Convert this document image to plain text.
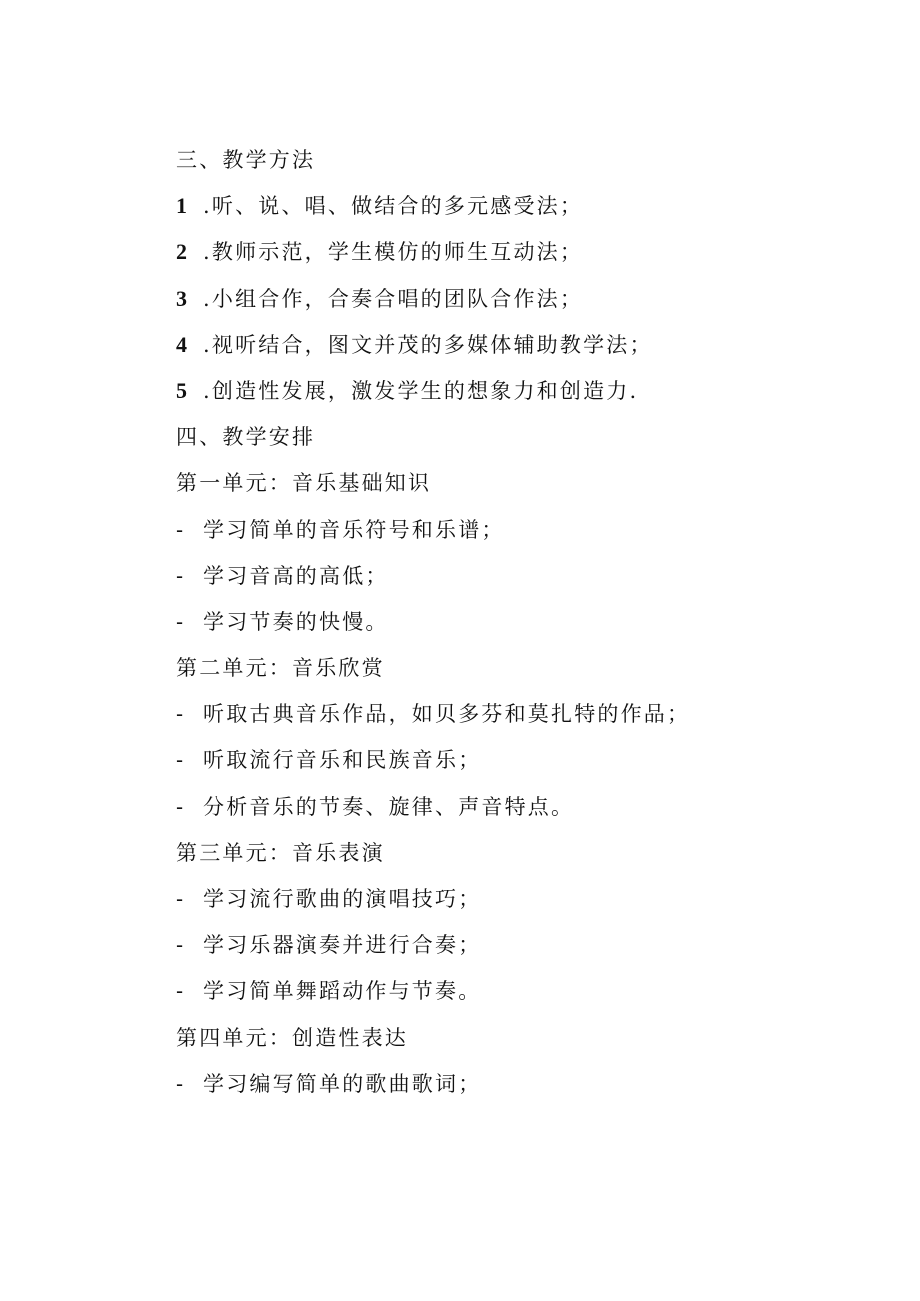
三、教学方法
1 .听、说、唱、做结合的多元感受法；
2 .教师示范，学生模仿的师生互动法；
3 .小组合作，合奏合唱的团队合作法；
4 .视听结合，图文并茂的多媒体辅助教学法；
5 .创造性发展，激发学生的想象力和创造力.
四、教学安排
第一单元：音乐基础知识
- 学习简单的音乐符号和乐谱；
- 学习音高的高低；
- 学习节奏的快慢。
第二单元：音乐欣赏
- 听取古典音乐作品，如贝多芬和莫扎特的作品；
- 听取流行音乐和民族音乐；
- 分析音乐的节奏、旋律、声音特点。
第三单元：音乐表演
- 学习流行歌曲的演唱技巧；
- 学习乐器演奏并进行合奏；
- 学习简单舞蹈动作与节奏。
第四单元：创造性表达
- 学习编写简单的歌曲歌词；
